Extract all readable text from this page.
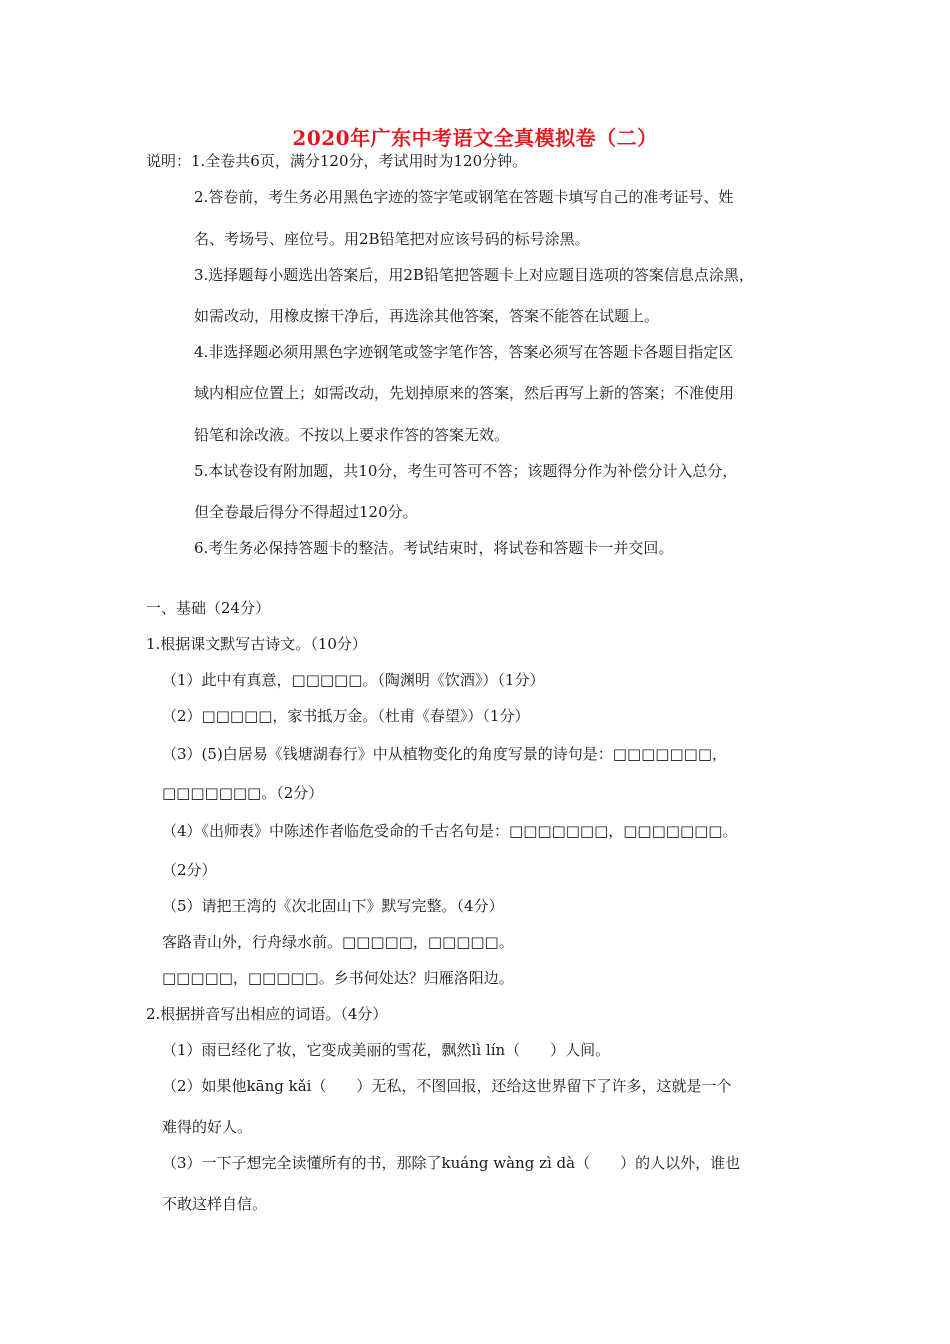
2020年广东中考语文全真模拟卷（二）
说明：1.全卷共6页，满分120分，考试用时为120分钟。
2.答卷前，考生务必用黑色字迹的签字笔或钢笔在答题卡填写自己的准考证号、姓
名、考场号、座位号。用2B铅笔把对应该号码的标号涂黑。
3.选择题每小题选出答案后，用2B铅笔把答题卡上对应题目选项的答案信息点涂黑，
如需改动，用橡皮擦干净后，再选涂其他答案，答案不能答在试题上。
4.非选择题必须用黑色字迹钢笔或签字笔作答，答案必须写在答题卡各题目指定区
域内相应位置上；如需改动，先划掉原来的答案，然后再写上新的答案；不准使用
铅笔和涂改液。不按以上要求作答的答案无效。
5.本试卷设有附加题，共10分，考生可答可不答；该题得分作为补偿分计入总分，
但全卷最后得分不得超过120分。
6.考生务必保持答题卡的整洁。考试结束时，将试卷和答题卡一并交回。
一、基础（24分）
1.根据课文默写古诗文。（10分）
（1）此中有真意，□□□□□。（陶渊明《饮酒》）（1分）
（2）□□□□□，家书抵万金。（杜甫《春望》）（1分）
（3）(5)白居易《钱塘湖春行》中从植物变化的角度写景的诗句是：□□□□□□□，
□□□□□□□。（2分）
（4）《出师表》中陈述作者临危受命的千古名句是：□□□□□□□，□□□□□□□。
（2分）
（5）请把王湾的《次北固山下》默写完整。（4分）
客路青山外，行舟绿水前。□□□□□，□□□□□。
□□□□□，□□□□□。乡书何处达？归雁洛阳边。
2.根据拼音写出相应的词语。（4分）
（1）雨已经化了妆，它变成美丽的雪花，飘然lì lín（　　）人间。
（2）如果他kāng kǎi（　　）无私，不图回报，还给这世界留下了许多，这就是一个
难得的好人。
（3）一下子想完全读懂所有的书，那除了kuáng wàng zì dà（　　）的人以外，谁也
不敢这样自信。
